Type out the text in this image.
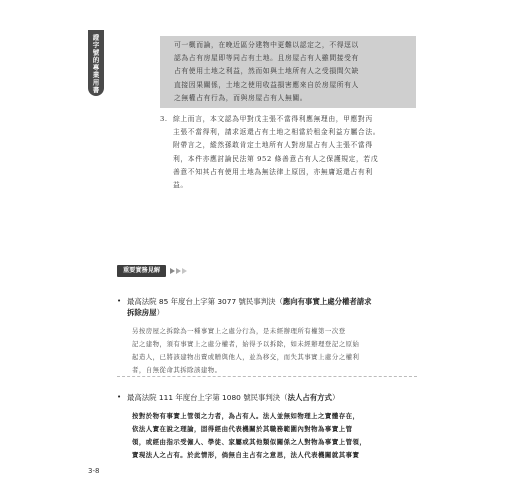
證字號的專業用書	可一概而論，在晚近區分建物中更難以認定之，不得逕以

認為占有房屋即等同占有土地。且房屋占有人雖間接受有

占有使用土地之利益，然而如與土地所有人之受損間欠缺

直接因果關係，土地之使用收益損害應來自於房屋所有人

之無權占有行為，而與房屋占有人無關。

3. 綜上而言，本文認為甲對戊主張不當得利應無理由，甲應對丙

主張不當得利，請求返還占有土地之相當於租金利益方屬合法。

附帶言之，縱然孫敢肯定土地所有人對房屋占有人主張不當得

利，本件亦應討論民法第 952 條善意占有人之保護規定，若戊

善意不知其占有使用土地為無法律上原因，亦無庸返還占有利

益。

重要實務見解
• 最高法院 85 年度台上字第 3077 號民事判決（應向有事實上處分權者請求

拆除房屋）

另按房屋之拆除為一種事實上之處分行為，是未經辦理所有權第一次登

記之建物，須有事實上之處分權者，始得予以拆除，如未經辦理登記之原始

起造人，已將該建物出賣或贈與他人，並為移交，而失其事實上處分之權利

者，自無從命其拆除該建物。

• 最高法院 111 年度台上字第 1080 號民事判決（法人占有方式）

按對於物有事實上管領之力者，為占有人。法人並無如物理上之實體存在，

依法人實在說之理論，固得經由代表機關於其職務範圍內對物為事實上管

領，或經由指示受僱人、學徒、家屬或其他類似關係之人對物為事實上管領，

實現法人之占有。於此情形，倘無自主占有之意思，法人代表機關就其事實

3-8
